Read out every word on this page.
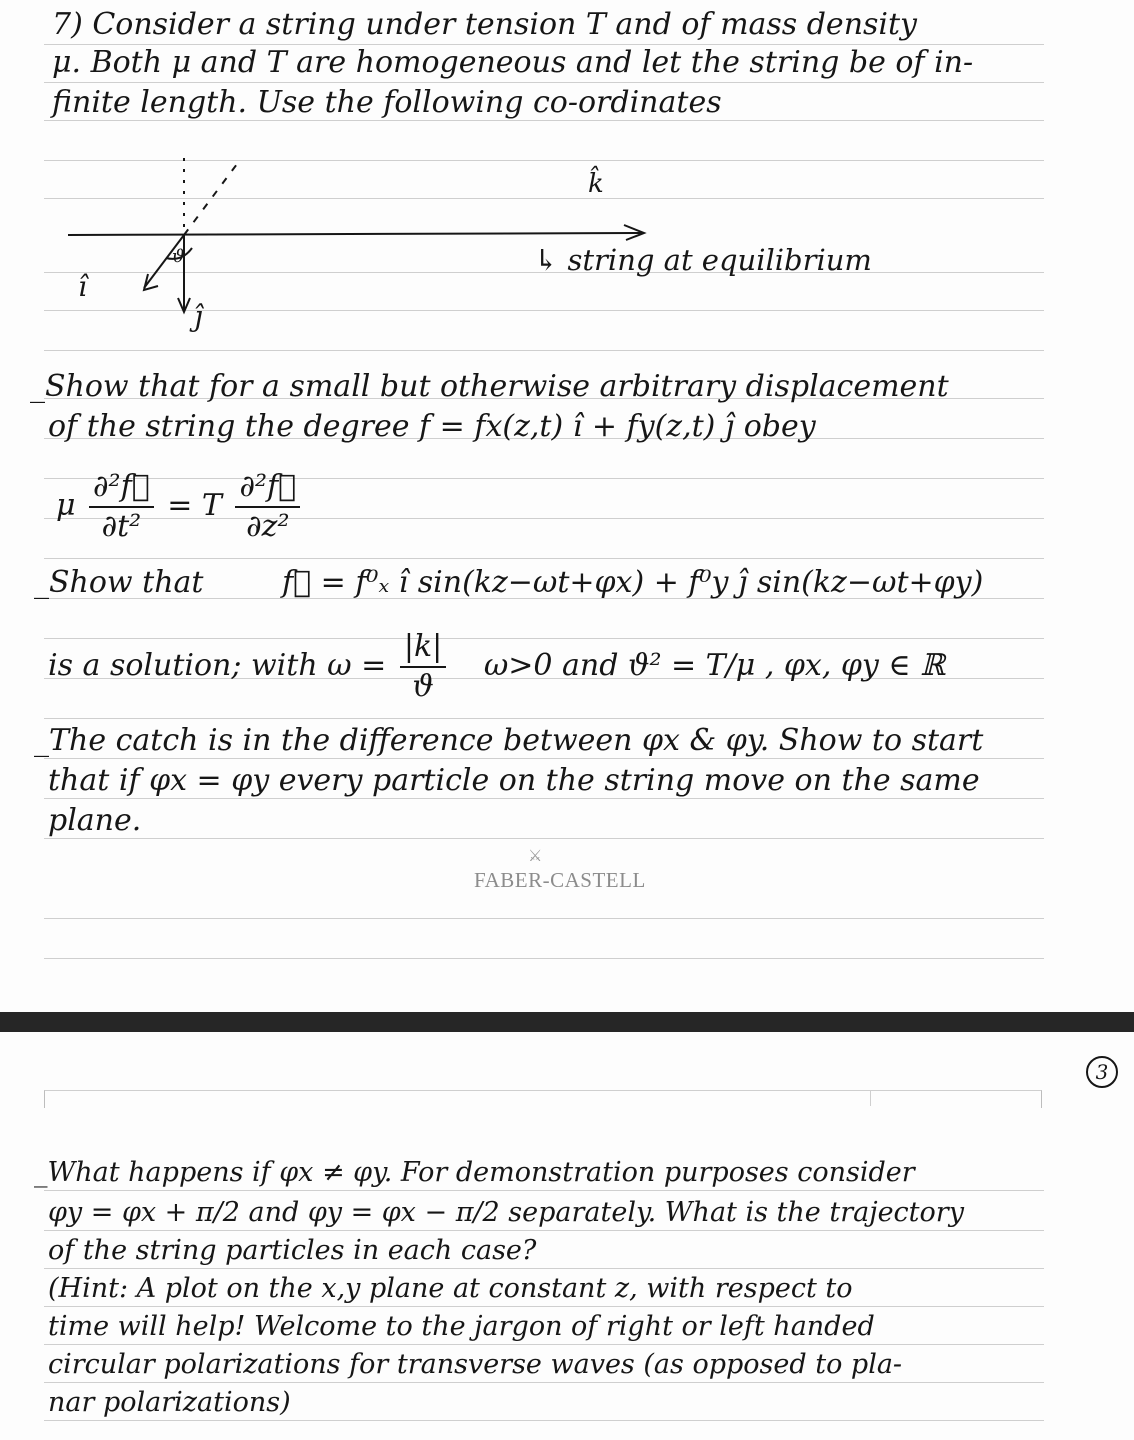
7) Consider a string under tension T and of mass density
μ. Both μ and T are homogeneous and let the string be of in-
finite length. Use the following co-ordinates
k̂
ϑ
î
ĵ
↳ string at equilibrium
_Show that for a small but otherwise arbitrary displacement
of the string the degree f = fx(z,t) î + fy(z,t) ĵ obey
μ $\frac{\text{∂²f⃗}}{\text{∂t²}} = T \frac{\text{∂²f⃗}}{\text{∂z²}}$
_Show that	f⃗ = f⁰ₓ î sin(kz−ωt+φx) + f⁰y ĵ sin(kz−ωt+φy)
is a solution; with $\omega = \frac{|k|}{ϑ} \omega>0$ and ϑ² = T/μ , φx, φy ∈ ℝ
_The catch is in the difference between φx & φy. Show to start
that if φx = φy every particle on the string move on the same
plane.
⚔
FABER-CASTELL
3
_What happens if φx ≠ φy. For demonstration purposes consider
φy = φx + π/2 and φy = φx − π/2 separately. What is the trajectory
of the string particles in each case?
(Hint: A plot on the x,y plane at constant z, with respect to
time will help! Welcome to the jargon of right or left handed
circular polarizations for transverse waves (as opposed to pla-
nar polarizations)
